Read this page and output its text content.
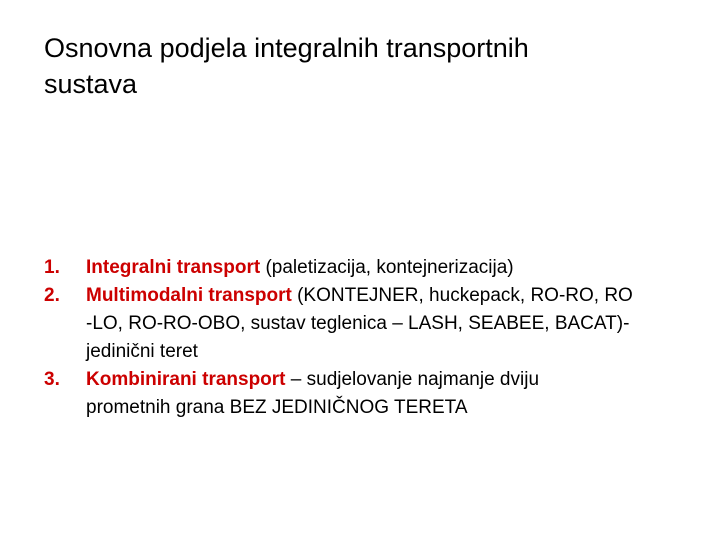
Osnovna podjela integralnih transportnih
sustava
1.	Integralni transport (paletizacija, kontejnerizacija)
2.	Multimodalni transport (KONTEJNER, huckepack, RO-RO, RO
-LO, RO-RO-OBO, sustav teglenica – LASH, SEABEE, BACAT)-
jedinični teret
3.	Kombinirani transport – sudjelovanje najmanje dviju
prometnih grana BEZ JEDINIČNOG TERETA
